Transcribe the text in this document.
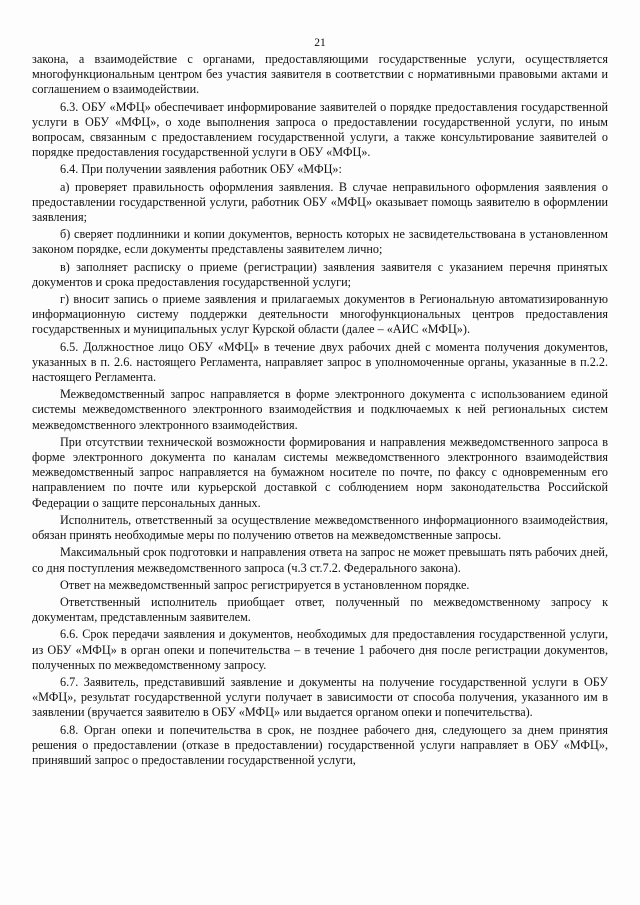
21

закона, а взаимодействие с органами, предоставляющими государственные услуги, осуществляется многофункциональным центром без участия заявителя в соответствии с нормативными правовыми актами и соглашением о взаимодействии.

6.3. ОБУ «МФЦ» обеспечивает информирование заявителей о порядке предоставления государственной услуги в ОБУ «МФЦ», о ходе выполнения запроса о предоставлении государственной услуги, по иным вопросам, связанным с предоставлением государственной услуги, а также консультирование заявителей о порядке предоставления государственной услуги в ОБУ «МФЦ».

6.4. При получении заявления работник ОБУ «МФЦ»:

а) проверяет правильность оформления заявления. В случае неправильного оформления заявления о предоставлении государственной услуги, работник ОБУ «МФЦ» оказывает помощь заявителю в оформлении заявления;

б) сверяет подлинники и копии документов, верность которых не засвидетельствована в установленном законом порядке, если документы представлены заявителем лично;

в) заполняет расписку о приеме (регистрации) заявления заявителя с указанием перечня принятых документов и срока предоставления государственной услуги;

г) вносит запись о приеме заявления и прилагаемых документов в Региональную автоматизированную информационную систему поддержки деятельности многофункциональных центров предоставления государственных и муниципальных услуг Курской области (далее – «АИС «МФЦ»).

6.5. Должностное лицо ОБУ «МФЦ» в течение двух рабочих дней с момента получения документов, указанных в п. 2.6. настоящего Регламента, направляет запрос в уполномоченные органы, указанные в п.2.2. настоящего Регламента.

Межведомственный запрос направляется в форме электронного документа с использованием единой системы межведомственного электронного взаимодействия и подключаемых к ней региональных систем межведомственного электронного взаимодействия.

При отсутствии технической возможности формирования и направления межведомственного запроса в форме электронного документа по каналам системы межведомственного электронного взаимодействия межведомственный запрос направляется на бумажном носителе по почте, по факсу с одновременным его направлением по почте или курьерской доставкой с соблюдением норм законодательства Российской Федерации о защите персональных данных.

Исполнитель, ответственный за осуществление межведомственного информационного взаимодействия, обязан принять необходимые меры по получению ответов на межведомственные запросы.

Максимальный срок подготовки и направления ответа на запрос не может превышать пять рабочих дней, со дня поступления межведомственного запроса (ч.3 ст.7.2. Федерального закона).

Ответ на межведомственный запрос регистрируется в установленном порядке.

Ответственный исполнитель приобщает ответ, полученный по межведомственному запросу к документам, представленным заявителем.

6.6. Срок передачи заявления и документов, необходимых для предоставления государственной услуги, из ОБУ «МФЦ» в орган опеки и попечительства – в течение 1 рабочего дня после регистрации документов, полученных по межведомственному запросу.

6.7. Заявитель, представивший заявление и документы на получение государственной услуги в ОБУ «МФЦ», результат государственной услуги получает в зависимости от способа получения, указанного им в заявлении (вручается заявителю в ОБУ «МФЦ» или выдается органом опеки и попечительства).

6.8. Орган опеки и попечительства в срок, не позднее рабочего дня, следующего за днем принятия решения о предоставлении (отказе в предоставлении) государственной услуги направляет в ОБУ «МФЦ», принявший запрос о предоставлении государственной услуги,
